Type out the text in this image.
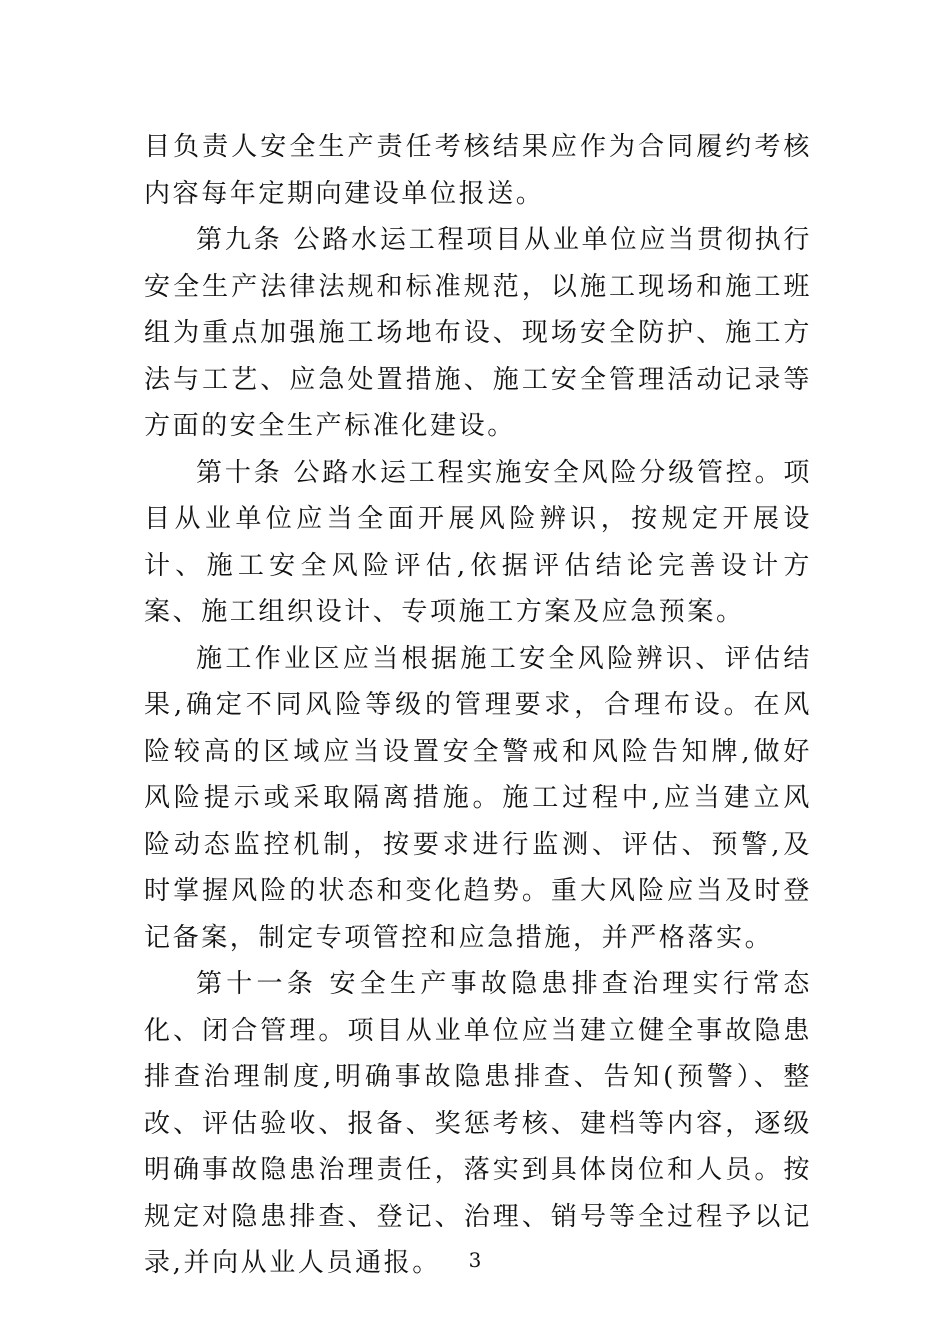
目负责人安全生产责任考核结果应作为合同履约考核内容每年定期向建设单位报送。

第九条 公路水运工程项目从业单位应当贯彻执行安全生产法律法规和标准规范，以施工现场和施工班组为重点加强施工场地布设、现场安全防护、施工方法与工艺、应急处置措施、施工安全管理活动记录等方面的安全生产标准化建设。

第十条 公路水运工程实施安全风险分级管控。项目从业单位应当全面开展风险辨识，按规定开展设计、施工安全风险评估,依据评估结论完善设计方案、施工组织设计、专项施工方案及应急预案。

施工作业区应当根据施工安全风险辨识、评估结果,确定不同风险等级的管理要求，合理布设。在风险较高的区域应当设置安全警戒和风险告知牌,做好风险提示或采取隔离措施。施工过程中,应当建立风险动态监控机制，按要求进行监测、评估、预警,及时掌握风险的状态和变化趋势。重大风险应当及时登记备案，制定专项管控和应急措施，并严格落实。

第十一条 安全生产事故隐患排查治理实行常态化、闭合管理。项目从业单位应当建立健全事故隐患排查治理制度,明确事故隐患排查、告知(预警）、整改、评估验收、报备、奖惩考核、建档等内容，逐级明确事故隐患治理责任，落实到具体岗位和人员。按规定对隐患排查、登记、治理、销号等全过程予以记录,并向从业人员通报。	3
